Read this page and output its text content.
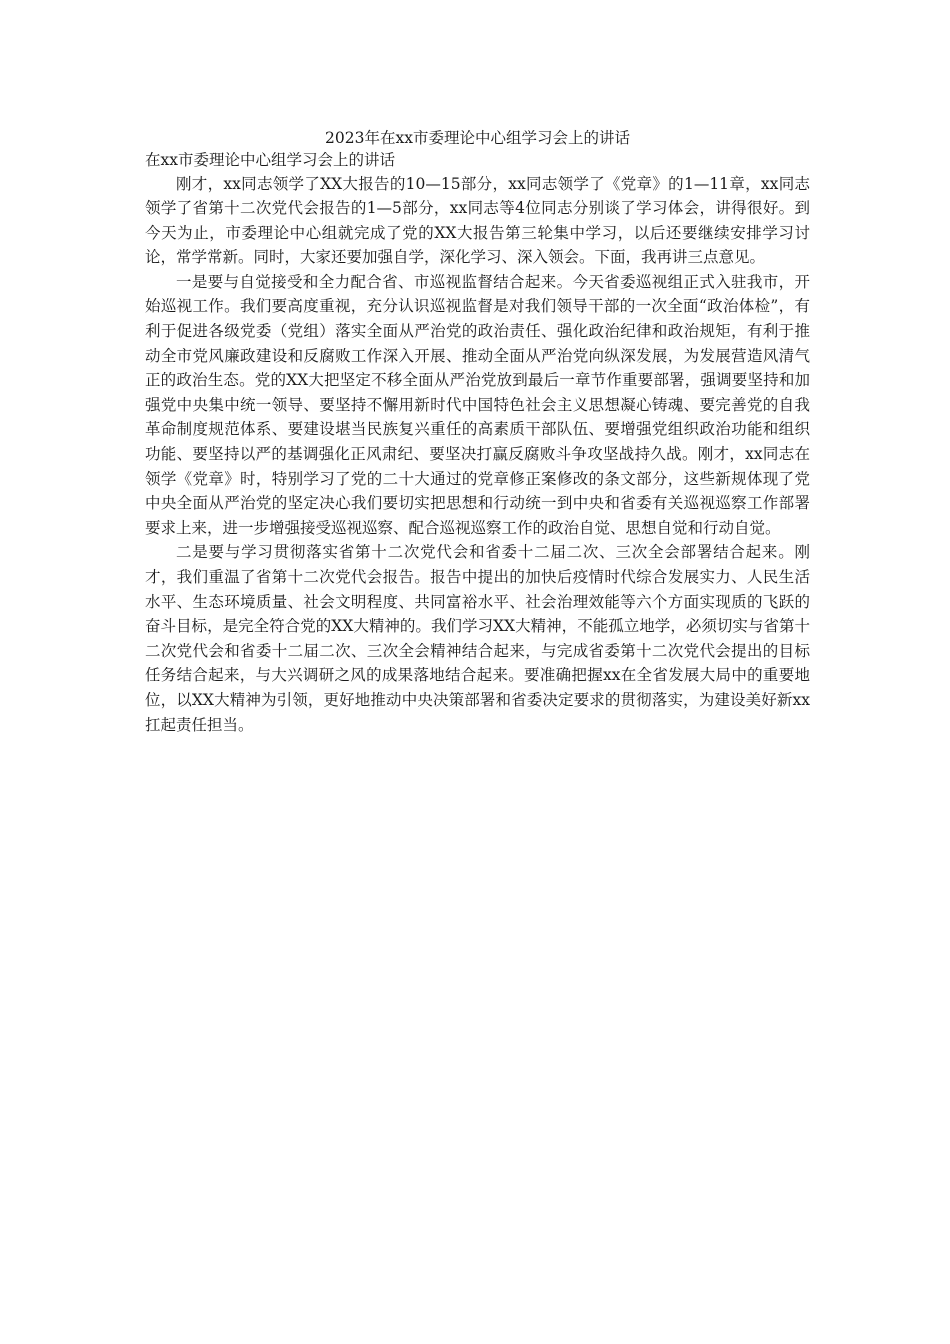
2023年在xx市委理论中心组学习会上的讲话

在xx市委理论中心组学习会上的讲话

刚才，xx同志领学了XX大报告的10—15部分，xx同志领学了《党章》的1—11章，xx同志领学了省第十二次党代会报告的1—5部分，xx同志等4位同志分别谈了学习体会，讲得很好。到今天为止，市委理论中心组就完成了党的XX大报告第三轮集中学习，以后还要继续安排学习讨论，常学常新。同时，大家还要加强自学，深化学习、深入领会。下面，我再讲三点意见。

一是要与自觉接受和全力配合省、市巡视监督结合起来。今天省委巡视组正式入驻我市，开始巡视工作。我们要高度重视，充分认识巡视监督是对我们领导干部的一次全面“政治体检”，有利于促进各级党委（党组）落实全面从严治党的政治责任、强化政治纪律和政治规矩，有利于推动全市党风廉政建设和反腐败工作深入开展、推动全面从严治党向纵深发展，为发展营造风清气正的政治生态。党的XX大把坚定不移全面从严治党放到最后一章节作重要部署，强调要坚持和加强党中央集中统一领导、要坚持不懈用新时代中国特色社会主义思想凝心铸魂、要完善党的自我革命制度规范体系、要建设堪当民族复兴重任的高素质干部队伍、要增强党组织政治功能和组织功能、要坚持以严的基调强化正风肃纪、要坚决打赢反腐败斗争攻坚战持久战。刚才，xx同志在领学《党章》时，特别学习了党的二十大通过的党章修正案修改的条文部分，这些新规体现了党中央全面从严治党的坚定决心我们要切实把思想和行动统一到中央和省委有关巡视巡察工作部署要求上来，进一步增强接受巡视巡察、配合巡视巡察工作的政治自觉、思想自觉和行动自觉。

二是要与学习贯彻落实省第十二次党代会和省委十二届二次、三次全会部署结合起来。刚才，我们重温了省第十二次党代会报告。报告中提出的加快后疫情时代综合发展实力、人民生活水平、生态环境质量、社会文明程度、共同富裕水平、社会治理效能等六个方面实现质的飞跃的奋斗目标，是完全符合党的XX大精神的。我们学习XX大精神，不能孤立地学，必须切实与省第十二次党代会和省委十二届二次、三次全会精神结合起来，与完成省委第十二次党代会提出的目标任务结合起来，与大兴调研之风的成果落地结合起来。要准确把握xx在全省发展大局中的重要地位，以XX大精神为引领，更好地推动中央决策部署和省委决定要求的贯彻落实，为建设美好新xx扛起责任担当。
